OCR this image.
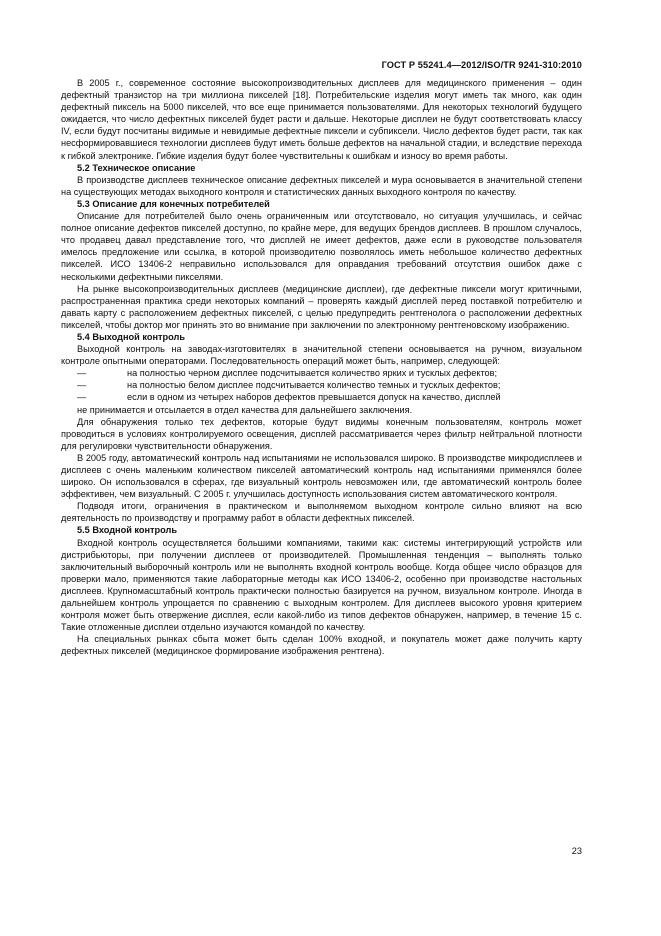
ГОСТ Р 55241.4—2012/ISO/TR 9241-310:2010

В 2005 г., современное состояние высокопроизводительных дисплеев для медицинского применения – один дефектный транзистор на три миллиона пикселей [18]. Потребительские изделия могут иметь так много, как один дефектный пиксель на 5000 пикселей, что все еще принимается пользователями. Для некоторых технологий будущего ожидается, что число дефектных пикселей будет расти и дальше. Некоторые дисплеи не будут соответствовать классу IV, если будут посчитаны видимые и невидимые дефектные пиксели и субпиксели. Число дефектов будет расти, так как несформировавшиеся технологии дисплеев будут иметь больше дефектов на начальной стадии, и вследствие перехода к гибкой электронике. Гибкие изделия будут более чувствительны к ошибкам и износу во время работы.

5.2 Техническое описание

В производстве дисплеев техническое описание дефектных пикселей и мура основывается в значительной степени на существующих методах выходного контроля и статистических данных выходного контроля по качеству.

5.3 Описание для конечных потребителей

Описание для потребителей было очень ограниченным или отсутствовало, но ситуация улучшилась, и сейчас полное описание дефектов пикселей доступно, по крайне мере, для ведущих брендов дисплеев. В прошлом случалось, что продавец давал представление того, что дисплей не имеет дефектов, даже если в руководстве пользователя имелось предложение или ссылка, в которой производителю позволялось иметь небольшое количество дефектных пикселей. ИСО 13406-2 неправильно использовался для оправдания требований отсутствия ошибок даже с несколькими дефектными пикселями.

На рынке высокопроизводительных дисплеев (медицинские дисплеи), где дефектные пиксели могут критичными, распространенная практика среди некоторых компаний – проверять каждый дисплей перед поставкой потребителю и давать карту с расположением дефектных пикселей, с целью предупредить рентгенолога о расположении дефектных пикселей, чтобы доктор мог принять это во внимание при заключении по электронному рентгеновскому изображению.

5.4 Выходной контроль

Выходной контроль на заводах-изготовителях в значительной степени основывается на ручном, визуальном контроле опытными операторами. Последовательность операций может быть, например, следующей:

—	на полностью черном дисплее подсчитывается количество ярких и тусклых дефектов;
—	на полностью белом дисплее подсчитывается количество темных и тусклых дефектов;
—	если в одном из четырех наборов дефектов превышается допуск на качество, дисплей

не принимается и отсылается в отдел качества для дальнейшего заключения.

Для обнаружения только тех дефектов, которые будут видимы конечным пользователям, контроль может проводиться в условиях контролируемого освещения, дисплей рассматривается через фильтр нейтральной плотности для регулировки чувствительности обнаружения.

В 2005 году, автоматический контроль над испытаниями не использовался широко. В производстве микродисплеев и дисплеев с очень маленьким количеством пикселей автоматический контроль над испытаниями применялся более широко. Он использовался в сферах, где визуальный контроль невозможен или, где автоматический контроль более эффективен, чем визуальный. С 2005 г. улучшилась доступность использования систем автоматического контроля.

Подводя итоги, ограничения в практическом и выполняемом выходном контроле сильно влияют на всю деятельность по производству и программу работ в области дефектных пикселей.

5.5 Входной контроль

Входной контроль осуществляется большими компаниями, такими как: системы интегрирующий устройств или дистрибьюторы, при получении дисплеев от производителей. Промышленная тенденция – выполнять только заключительный выборочный контроль или не выполнять входной контроль вообще. Когда общее число образцов для проверки мало, применяются такие лабораторные методы как ИСО 13406-2, особенно при производстве настольных дисплеев. Крупномасштабный контроль практически полностью базируется на ручном, визуальном контроле. Иногда в дальнейшем контроль упрощается по сравнению с выходным контролем. Для дисплеев высокого уровня критерием контроля может быть отвержение дисплея, если какой-либо из типов дефектов обнаружен, например, в течение 15 с. Такие отложенные дисплеи отдельно изучаются командой по качеству.

На специальных рынках сбыта может быть сделан 100% входной, и покупатель может даже получить карту дефектных пикселей (медицинское формирование изображения рентгена).

23
